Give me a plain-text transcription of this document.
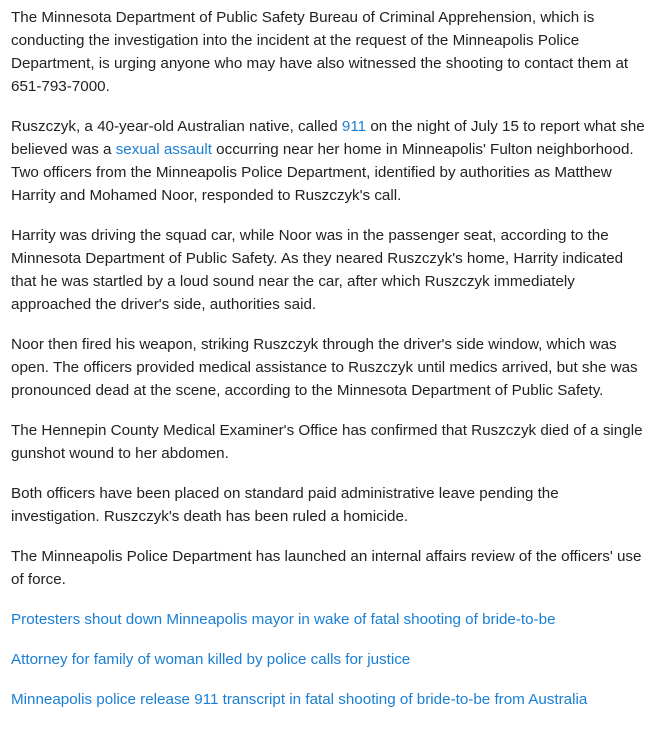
The Minnesota Department of Public Safety Bureau of Criminal Apprehension, which is conducting the investigation into the incident at the request of the Minneapolis Police Department, is urging anyone who may have also witnessed the shooting to contact them at 651-793-7000.

Ruszczyk, a 40-year-old Australian native, called 911 on the night of July 15 to report what she believed was a sexual assault occurring near her home in Minneapolis' Fulton neighborhood. Two officers from the Minneapolis Police Department, identified by authorities as Matthew Harrity and Mohamed Noor, responded to Ruszczyk's call.

Harrity was driving the squad car, while Noor was in the passenger seat, according to the Minnesota Department of Public Safety. As they neared Ruszczyk's home, Harrity indicated that he was startled by a loud sound near the car, after which Ruszczyk immediately approached the driver's side, authorities said.

Noor then fired his weapon, striking Ruszczyk through the driver's side window, which was open. The officers provided medical assistance to Ruszczyk until medics arrived, but she was pronounced dead at the scene, according to the Minnesota Department of Public Safety.

The Hennepin County Medical Examiner's Office has confirmed that Ruszczyk died of a single gunshot wound to her abdomen.

Both officers have been placed on standard paid administrative leave pending the investigation. Ruszczyk's death has been ruled a homicide.

The Minneapolis Police Department has launched an internal affairs review of the officers' use of force.

Protesters shout down Minneapolis mayor in wake of fatal shooting of bride-to-be
Attorney for family of woman killed by police calls for justice
Minneapolis police release 911 transcript in fatal shooting of bride-to-be from Australia
